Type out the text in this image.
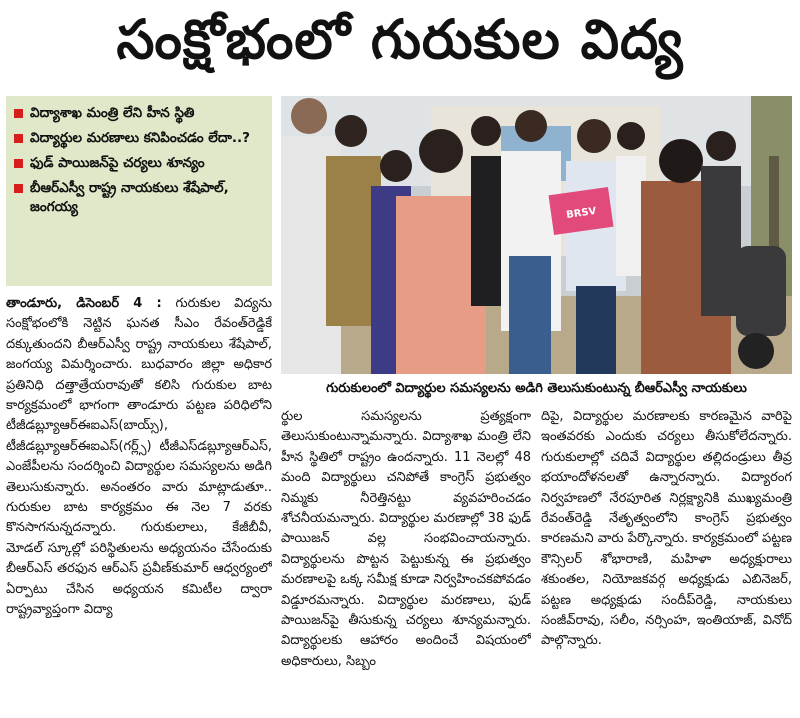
సంక్షోభంలో గురుకుల విద్య
విద్యాశాఖ మంత్రి లేని హీన స్థితి
విద్యార్థుల మరణాలు కనిపించడం లేదా..?
ఫుడ్ పాయిజన్‌పై చర్యలు శూన్యం
బీఆర్‌ఎస్వీ రాష్ట్ర నాయకులు శేషేపాల్, జంగయ్య	BRSV
గురుకులంలో విద్యార్థుల సమస్యలను అడిగి తెలుసుకుంటున్న బీఆర్‌ఎస్వీ నాయకులు
తాండూరు, డిసెంబర్ 4 : గురుకుల విద్యను సంక్షోభంలోకి నెట్టిన ఘనత సీఎం రేవంత్‌రెడ్డికే దక్కుతుందని బీఆర్‌ఎస్వీ రాష్ట్ర నాయకులు శేషేపాల్, జంగయ్య విమర్శించారు. బుధవారం జిల్లా అధికార ప్రతినిధి దత్తాత్రేయరావుతో కలిసి గురుకుల బాట కార్యక్రమంలో భాగంగా తాండూరు పట్టణ పరిధిలోని టీజీడబ్ల్యూఆర్‌ఈఐఎస్(బాయ్స్), టీజీడబ్ల్యూఆర్‌ఈఐఎస్(గర్ల్స్) టీజీఎస్‌డబ్ల్యూఆర్‌ఎస్, ఎంజేపీలను సందర్శించి విద్యార్థుల సమస్యలను అడిగి తెలుసుకున్నారు. అనంతరం వారు మాట్లాడుతూ.. గురుకుల బాట కార్యక్రమం ఈ నెల 7 వరకు కొనసాగనున్నదన్నారు. గురుకులాలు, కేజీబీవీ, మోడల్ స్కూల్లో పరిస్థితులను అధ్యయనం చేసేందుకు బీఆర్‌ఎస్ తరఫున ఆర్‌ఎస్ ప్రవీణ్‌కుమార్ ఆధ్వర్యంలో ఏర్పాటు చేసిన అధ్యయన కమిటీల ద్వారా రాష్ట్రవ్యాప్తంగా విద్యా
ర్థుల సమస్యలను ప్రత్యక్షంగా తెలుసుకుంటున్నామన్నారు. విద్యాశాఖ మంత్రి లేని హీన స్థితిలో రాష్ట్రం ఉందన్నారు. 11 నెలల్లో 48 మంది విద్యార్థులు చనిపోతే కాంగ్రెస్ ప్రభుత్వం నిమ్మకు నీరెత్తినట్టు వ్యవహరించడం శోచనీయమన్నారు. విద్యార్థుల మరణాల్లో 38 ఫుడ్ పాయిజన్ వల్ల సంభవించాయన్నారు. విద్యార్థులను పొట్టన పెట్టుకున్న ఈ ప్రభుత్వం మరణాలపై ఒక్క సమీక్ష కూడా నిర్వహించకపోవడం విడ్డూరమన్నారు. విద్యార్థుల మరణాలు, ఫుడ్ పాయిజన్‌పై తీసుకున్న చర్యలు శూన్యమన్నారు. విద్యార్థులకు ఆహారం అందించే విషయంలో అధికారులు, సిబ్బం
దిపై, విద్యార్థుల మరణాలకు కారణమైన వారిపై ఇంతవరకు ఎందుకు చర్యలు తీసుకోలేదన్నారు. గురుకులాల్లో చదివే విద్యార్థుల తల్లిదండ్రులు తీవ్ర భయాందోళనలతో ఉన్నారన్నారు. విద్యారంగ నిర్వహణలో నేరపూరిత నిర్లక్ష్యానికి ముఖ్యమంత్రి రేవంత్‌రెడ్డి నేతృత్వంలోని కాంగ్రెస్ ప్రభుత్వం కారణమని వారు పేర్కొన్నారు. కార్యక్రమంలో పట్టణ కౌన్సిలర్ శోభారాణి, మహిళా అధ్యక్షురాలు శకుంతల, నియోజకవర్గ అధ్యక్షుడు ఎబినెజర్, పట్టణ అధ్యక్షుడు సందీప్‌రెడ్డి, నాయకులు సంజీవ్‌రావు, సలీం, నర్సింహ, ఇంతియాజ్, వినోద్ పాల్గొన్నారు.
